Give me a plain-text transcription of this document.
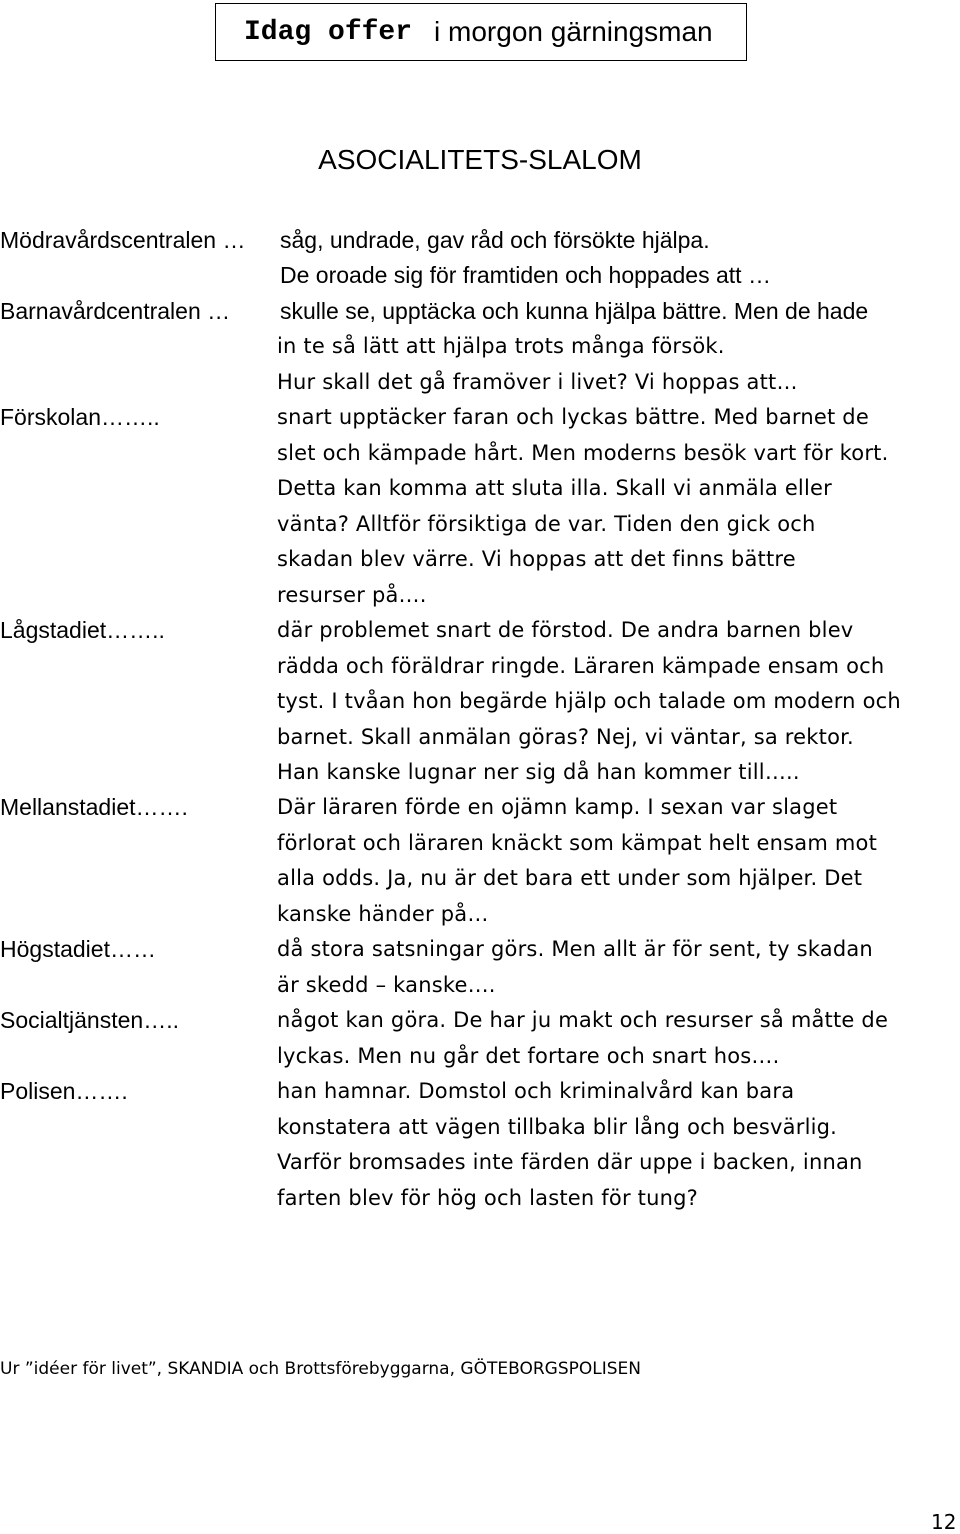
Idag offer i morgon gärningsman
ASOCIALITETS-SLALOM
Mödravårdscentralen …
Barnavårdcentralen …
Förskolan……..
Lågstadiet……..
Mellanstadiet…….
Högstadiet……
Socialtjänsten…..
Polisen…….
såg, undrade, gav råd och försökte hjälpa.
De oroade sig för framtiden och hoppades att …
skulle se, upptäcka och kunna hjälpa bättre. Men de hade
in te så lätt att hjälpa trots många försök.
Hur skall det gå framöver i livet? Vi hoppas att…
snart upptäcker faran och lyckas bättre. Med barnet de
slet och kämpade hårt. Men moderns besök vart för kort.
Detta kan komma att sluta illa. Skall vi anmäla eller
vänta? Alltför försiktiga de var. Tiden den gick och
skadan blev värre. Vi hoppas att det finns bättre
resurser på….
där problemet snart de förstod. De andra barnen blev
rädda och föräldrar ringde. Läraren kämpade ensam och
tyst. I tvåan hon begärde hjälp och talade om modern och
barnet. Skall anmälan göras? Nej, vi väntar, sa rektor.
Han kanske lugnar ner sig då han kommer till…..
Där läraren förde en ojämn kamp. I sexan var slaget
förlorat och läraren knäckt som kämpat helt ensam mot
alla odds. Ja, nu är det bara ett under som hjälper. Det
kanske händer på…
då stora satsningar görs. Men allt är för sent, ty skadan
är skedd – kanske….
något kan göra. De har ju makt och resurser så måtte de
lyckas. Men nu går det fortare och snart hos….
han hamnar. Domstol och kriminalvård kan bara
konstatera att vägen tillbaka blir lång och besvärlig.
Varför bromsades inte färden där uppe i backen, innan
farten blev för hög och lasten för tung?
Ur ”idéer för livet”, SKANDIA och Brottsförebyggarna, GÖTEBORGSPOLISEN
12
